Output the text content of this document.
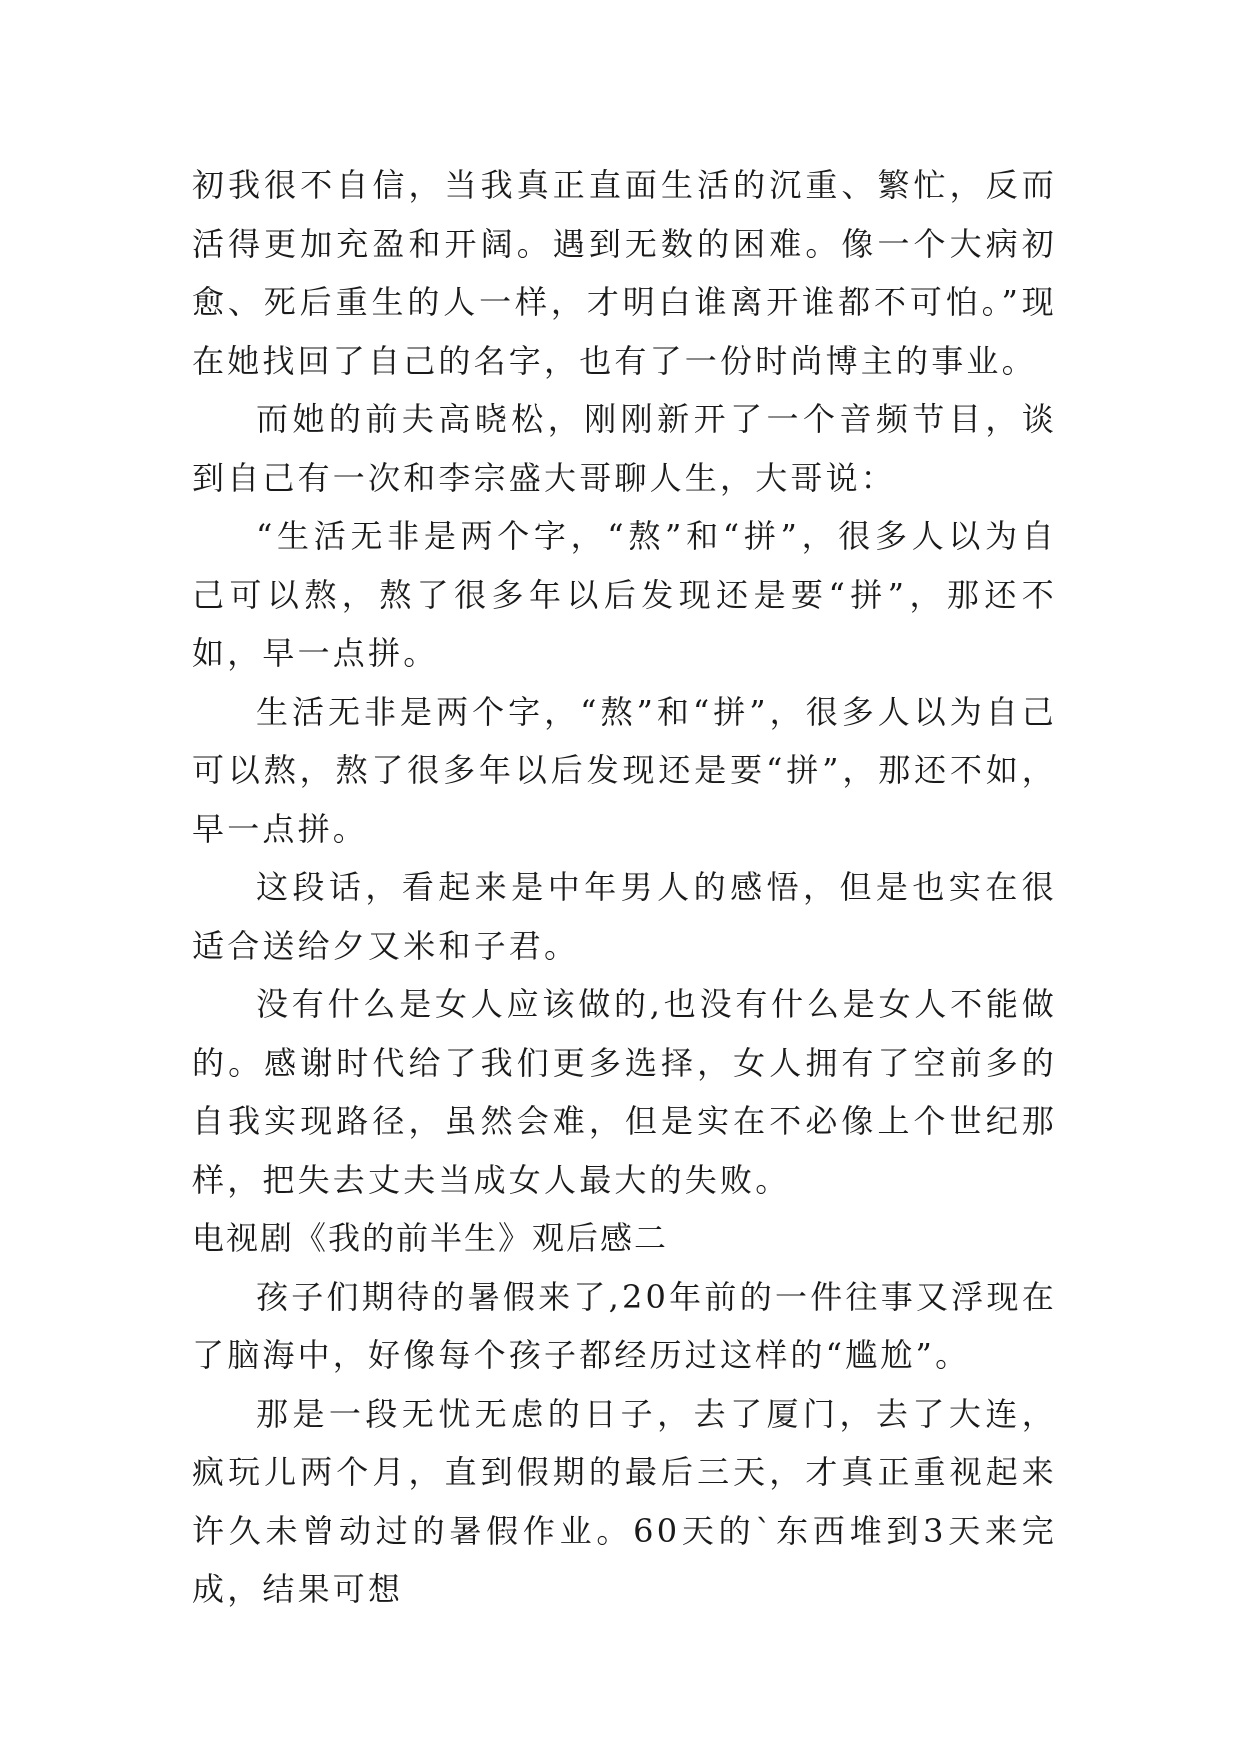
初我很不自信，当我真正直面生活的沉重、繁忙，反而活得更加充盈和开阔。遇到无数的困难。像一个大病初愈、死后重生的人一样，才明白谁离开谁都不可怕。”现在她找回了自己的名字，也有了一份时尚博主的事业。

而她的前夫高晓松，刚刚新开了一个音频节目，谈到自己有一次和李宗盛大哥聊人生，大哥说：

“生活无非是两个字，“熬”和“拼”，很多人以为自己可以熬，熬了很多年以后发现还是要“拼”，那还不如，早一点拼。

生活无非是两个字，“熬”和“拼”，很多人以为自己可以熬，熬了很多年以后发现还是要“拼”，那还不如，早一点拼。

这段话，看起来是中年男人的感悟，但是也实在很适合送给夕又米和子君。

没有什么是女人应该做的,也没有什么是女人不能做的。感谢时代给了我们更多选择，女人拥有了空前多的自我实现路径，虽然会难，但是实在不必像上个世纪那样，把失去丈夫当成女人最大的失败。

电视剧《我的前半生》观后感二

孩子们期待的暑假来了,20年前的一件往事又浮现在了脑海中，好像每个孩子都经历过这样的“尴尬”。

那是一段无忧无虑的日子，去了厦门，去了大连，疯玩儿两个月，直到假期的最后三天，才真正重视起来许久未曾动过的暑假作业。60天的`东西堆到3天来完成，结果可想
